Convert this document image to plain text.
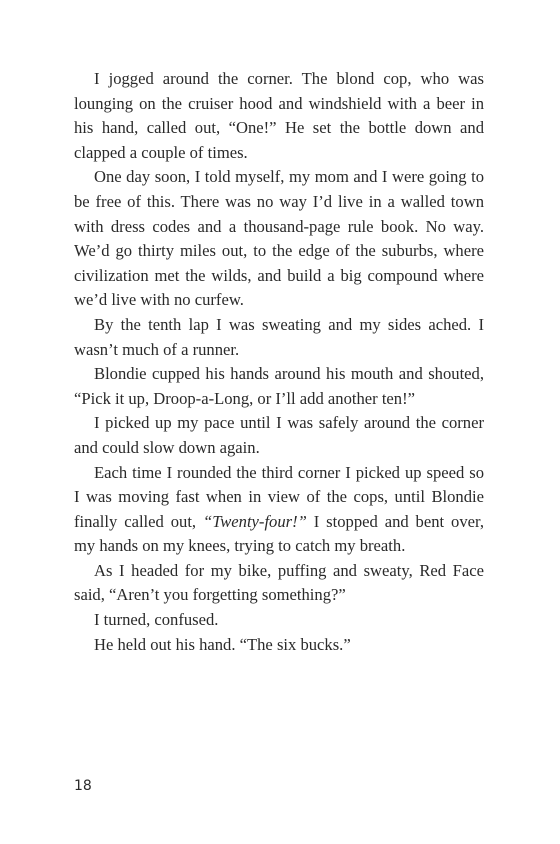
I jogged around the corner. The blond cop, who was lounging on the cruiser hood and windshield with a beer in his hand, called out, “One!” He set the bottle down and clapped a couple of times.

One day soon, I told myself, my mom and I were going to be free of this. There was no way I’d live in a walled town with dress codes and a thousand-page rule book. No way. We’d go thirty miles out, to the edge of the suburbs, where civilization met the wilds, and build a big compound where we’d live with no curfew.

By the tenth lap I was sweating and my sides ached. I wasn’t much of a runner.

Blondie cupped his hands around his mouth and shouted, “Pick it up, Droop-a-Long, or I’ll add another ten!”

I picked up my pace until I was safely around the corner and could slow down again.

Each time I rounded the third corner I picked up speed so I was moving fast when in view of the cops, until Blondie finally called out, “Twenty-four!” I stopped and bent over, my hands on my knees, trying to catch my breath.

As I headed for my bike, puffing and sweaty, Red Face said, “Aren’t you forgetting something?”

I turned, confused.

He held out his hand. “The six bucks.”

18
